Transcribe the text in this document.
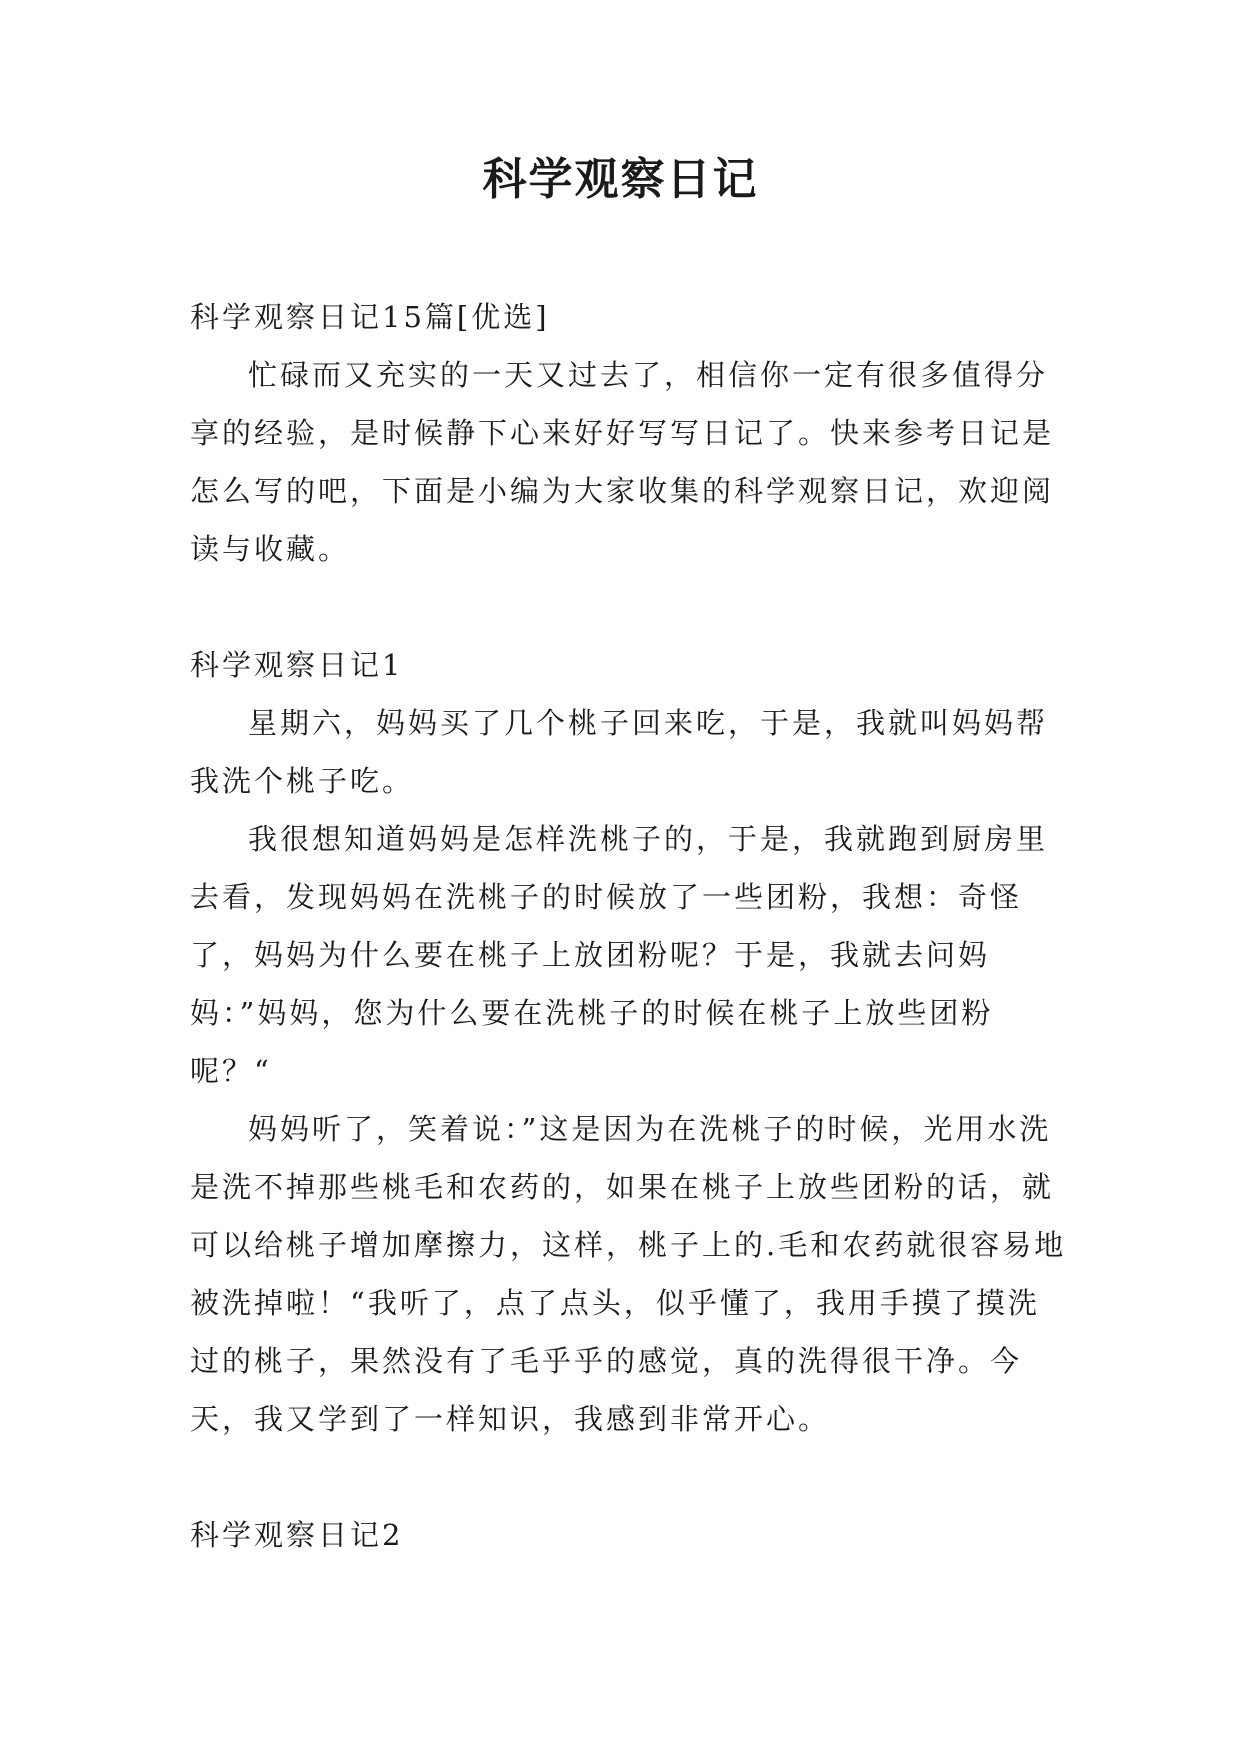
科学观察日记

科学观察日记15篇[优选]

忙碌而又充实的一天又过去了，相信你一定有很多值得分享的经验，是时候静下心来好好写写日记了。快来参考日记是怎么写的吧，下面是小编为大家收集的科学观察日记，欢迎阅读与收藏。

科学观察日记1

星期六，妈妈买了几个桃子回来吃，于是，我就叫妈妈帮我洗个桃子吃。

我很想知道妈妈是怎样洗桃子的，于是，我就跑到厨房里去看，发现妈妈在洗桃子的时候放了一些团粉，我想：奇怪了，妈妈为什么要在桃子上放团粉呢？于是，我就去问妈妈：”妈妈，您为什么要在洗桃子的时候在桃子上放些团粉呢？“

妈妈听了，笑着说：”这是因为在洗桃子的时候，光用水洗是洗不掉那些桃毛和农药的，如果在桃子上放些团粉的话，就可以给桃子增加摩擦力，这样，桃子上的.毛和农药就很容易地被洗掉啦！“我听了，点了点头，似乎懂了，我用手摸了摸洗过的桃子，果然没有了毛乎乎的感觉，真的洗得很干净。今天，我又学到了一样知识，我感到非常开心。

科学观察日记2
